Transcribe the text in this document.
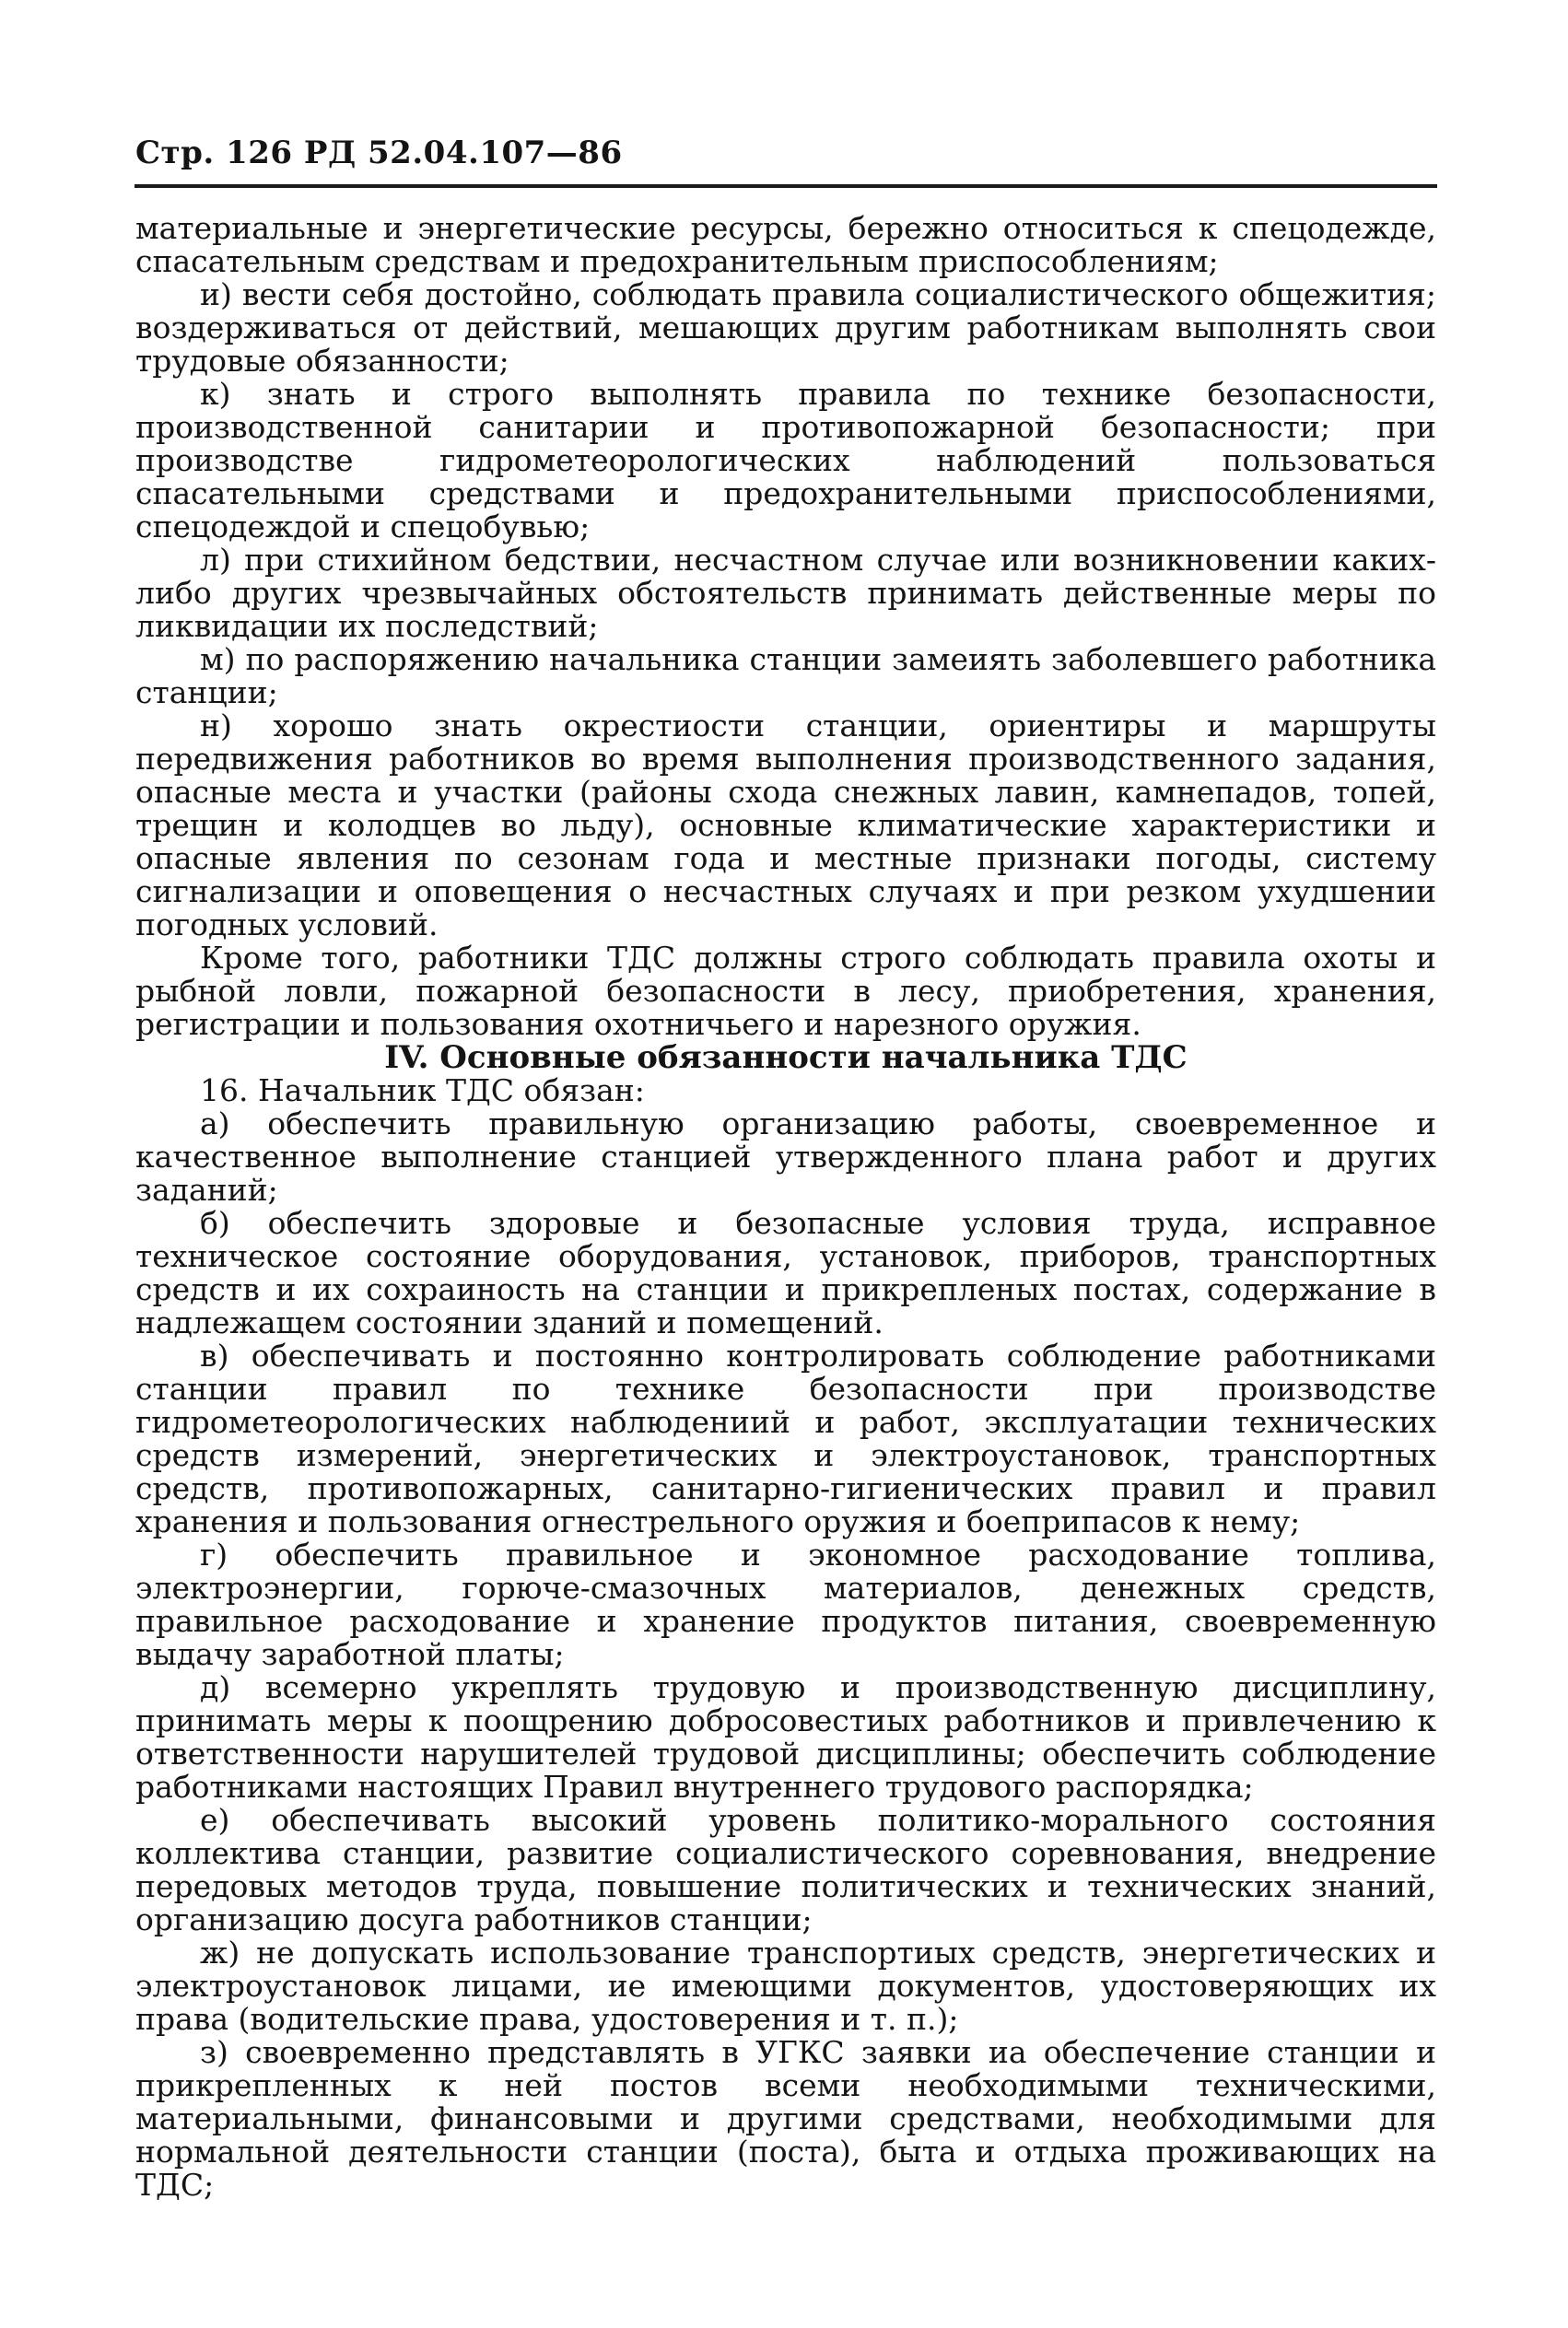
Стр. 126 РД 52.04.107—86

материальные и энергетические ресурсы, бережно относиться к спецодежде, спасательным средствам и предохранительным приспособлениям;

и) вести себя достойно, соблюдать правила социалистического общежития; воздерживаться от действий, мешающих другим работникам выполнять свои трудовые обязанности;

к) знать и строго выполнять правила по технике безопасности, производственной санитарии и противопожарной безопасности; при производстве гидрометеорологических наблюдений пользоваться спасательными средствами и предохранительными приспособлениями, спецодеждой и спецобувью;

л) при стихийном бедствии, несчастном случае или возникновении каких-либо других чрезвычайных обстоятельств принимать действенные меры по ликвидации их последствий;

м) по распоряжению начальника станции замеиять заболевшего работника станции;

н) хорошо знать окрестиости станции, ориентиры и маршруты передвижения работников во время выполнения производственного задания, опасные места и участки (районы схода снежных лавин, камнепадов, топей, трещин и колодцев во льду), основные климатические характеристики и опасные явления по сезонам года и местные признаки погоды, систему сигнализации и оповещения о несчастных случаях и при резком ухудшении погодных условий.

Кроме того, работники ТДС должны строго соблюдать правила охоты и рыбной ловли, пожарной безопасности в лесу, приобретения, хранения, регистрации и пользования охотничьего и нарезного оружия.

IV. Основные обязанности начальника ТДС

16. Начальник ТДС обязан:

а) обеспечить правильную организацию работы, своевременное и качественное выполнение станцией утвержденного плана работ и других заданий;

б) обеспечить здоровые и безопасные условия труда, исправное техническое состояние оборудования, установок, приборов, транспортных средств и их сохраиность на станции и прикрепленых постах, содержание в надлежащем состоянии зданий и помещений.

в) обеспечивать и постоянно контролировать соблюдение работниками станции правил по технике безопасности при производстве гидрометеорологических наблюдениий и работ, эксплуатации технических средств измерений, энергетических и электроустановок, транспортных средств, противопожарных, санитарно-гигиенических правил и правил хранения и пользования огнестрельного оружия и боеприпасов к нему;

г) обеспечить правильное и экономное расходование топлива, электроэнергии, горюче-смазочных материалов, денежных средств, правильное расходование и хранение продуктов питания, своевременную выдачу заработной платы;

д) всемерно укреплять трудовую и производственную дисциплину, принимать меры к поощрению добросовестиых работников и привлечению к ответственности нарушителей трудовой дисциплины; обеспечить соблюдение работниками настоящих Правил внутреннего трудового распорядка;

е) обеспечивать высокий уровень политико-морального состояния коллектива станции, развитие социалистического соревнования, внедрение передовых методов труда, повышение политических и технических знаний, организацию досуга работников станции;

ж) не допускать использование транспортиых средств, энергетических и электроустановок лицами, ие имеющими документов, удостоверяющих их права (водительские права, удостоверения и т. п.);

з) своевременно представлять в УГКС заявки иа обеспечение станции и прикрепленных к ней постов всеми необходимыми техническими, материальными, финансовыми и другими средствами, необходимыми для нормальной деятельности станции (поста), быта и отдыха проживающих на ТДС;
